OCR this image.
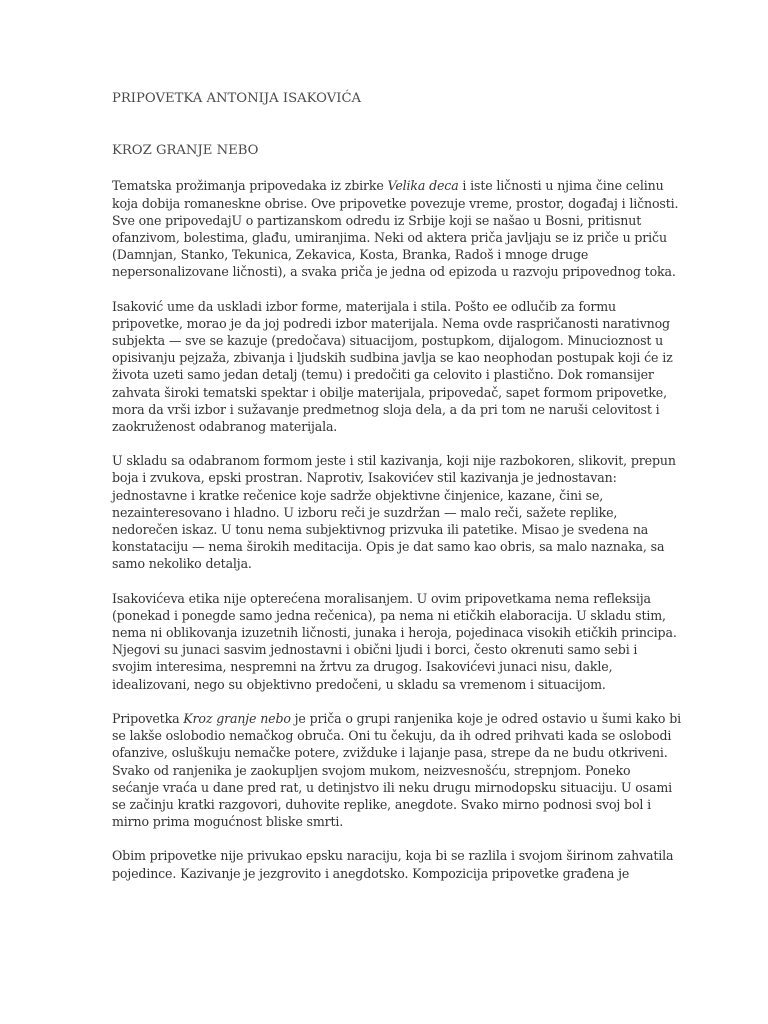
PRIPOVETKA ANTONIJA ISAKOVIĆA
KROZ GRANJE NEBO

Tematska prožimanja pripovedaka iz zbirke Velika deca i iste ličnosti u njima čine celinu
koja dobija romaneskne obrise. Ove pripovetke povezuje vreme, prostor, događaj i ličnosti.
Sve one pripovedajU o partizanskom odredu iz Srbije koji se našao u Bosni, pritisnut
ofanzivom, bolestima, glađu, umiranjima. Neki od aktera priča javljaju se iz priče u priču
(Damnjan, Stanko, Tekunica, Zekavica, Kosta, Branka, Radoš i mnoge druge
nepersonalizovane ličnosti), a svaka priča je jedna od epizoda u razvoju pripovednog toka.

Isaković ume da uskladi izbor forme, materijala i stila. Pošto ee odlučib za formu
pripovetke, morao je da joj podredi izbor materijala. Nema ovde raspričanosti narativnog
subjekta — sve se kazuje (predočava) situacijom, postupkom, dijalogom. Minucioznost u
opisivanju pejzaža, zbivanja i ljudskih sudbina javlja se kao neophodan postupak koji će iz
života uzeti samo jedan detalj (temu) i predočiti ga celovito i plastično. Dok romansijer
zahvata široki tematski spektar i obilje materijala, pripovedač, sapet formom pripovetke,
mora da vrši izbor i sužavanje predmetnog sloja dela, a da pri tom ne naruši celovitost i
zaokruženost odabranog materijala.

U skladu sa odabranom formom jeste i stil kazivanja, koji nije razbokoren, slikovit, prepun
boja i zvukova, epski prostran. Naprotiv, Isakovićev stil kazivanja je jednostavan:
jednostavne i kratke rečenice koje sadrže objektivne činjenice, kazane, čini se,
nezainteresovano i hladno. U izboru reči je suzdržan — malo reči, sažete replike,
nedorečen iskaz. U tonu nema subjektivnog prizvuka ili patetike. Misao je svedena na
konstataciju — nema širokih meditacija. Opis je dat samo kao obris, sa malo naznaka, sa
samo nekoliko detalja.

Isakovićeva etika nije opterećena moralisanjem. U ovim pripovetkama nema refleksija
(ponekad i ponegde samo jedna rečenica), pa nema ni etičkih elaboracija. U skladu stim,
nema ni oblikovanja izuzetnih ličnosti, junaka i heroja, pojedinaca visokih etičkih principa.
Njegovi su junaci sasvim jednostavni i obični ljudi i borci, često okrenuti samo sebi i
svojim interesima, nespremni na žrtvu za drugog. Isakovićevi junaci nisu, dakle,
idealizovani, nego su objektivno predočeni, u skladu sa vremenom i situacijom.

Pripovetka Kroz granje nebo je priča o grupi ranjenika koje je odred ostavio u šumi kako bi
se lakše oslobodio nemačkog obruča. Oni tu čekuju, da ih odred prihvati kada se oslobodi
ofanzive, osluškuju nemačke potere, zvižduke i lajanje pasa, strepe da ne budu otkriveni.
Svako od ranjenika je zaokupljen svojom mukom, neizvesnošću, strepnjom. Poneko
sećanje vraća u dane pred rat, u detinjstvo ili neku drugu mirnodopsku situaciju. U osami
se začinju kratki razgovori, duhovite replike, anegdote. Svako mirno podnosi svoj bol i
mirno prima mogućnost bliske smrti.

Obim pripovetke nije privukao epsku naraciju, koja bi se razlila i svojom širinom zahvatila
pojedince. Kazivanje je jezgrovito i anegdotsko. Kompozicija pripovetke građena je
